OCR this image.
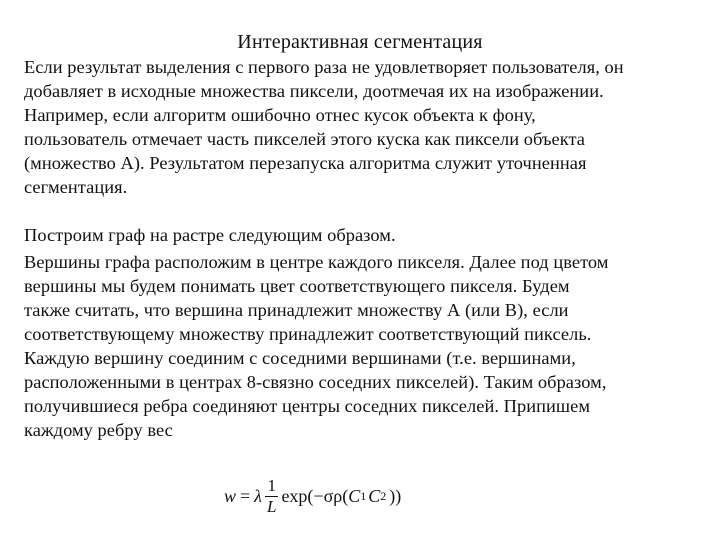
Интерактивная сегментация
Если результат выделения с первого раза не удовлетворяет пользователя, он
добавляет в исходные множества пиксели, доотмечая их на изображении.
Например, если алгоритм ошибочно отнес кусок объекта к фону,
пользователь отмечает часть пикселей этого куска как пиксели объекта
(множество А). Результатом перезапуска алгоритма служит уточненная
сегментация.
Построим граф на растре следующим образом.
Вершины графа расположим в центре каждого пикселя. Далее под цветом
вершины мы будем понимать цвет соответствующего пикселя. Будем
также считать, что вершина принадлежит множеству А (или В), если
соответствующему множеству принадлежит соответствующий пиксель.
Каждую вершину соединим с соседними вершинами (т.е. вершинами,
расположенными в центрах 8-связно соседних пикселей). Таким образом,
получившиеся ребра соединяют центры соседних пикселей. Припишем
каждому ребру вес
w = λ $\frac{1}{L} \exp(-\sigma\rho$( C 1 C 2 ))
